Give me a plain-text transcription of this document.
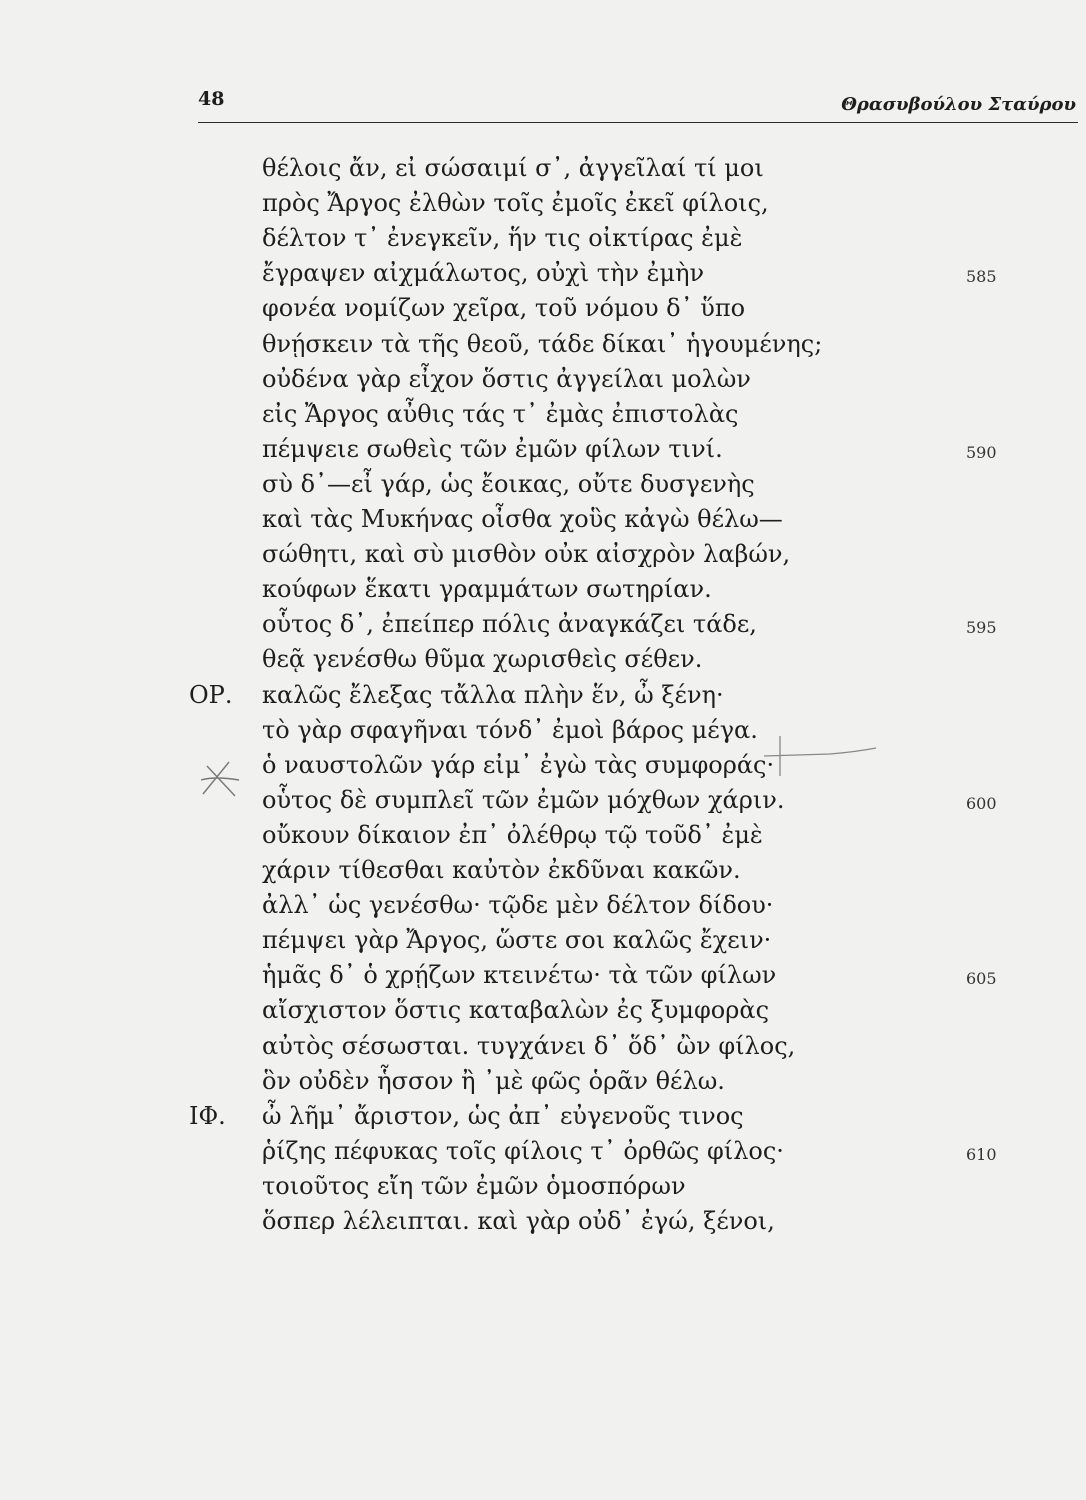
48	Θρασυβούλου Σταύρου
θέλοις ἄν, εἰ σώσαιμί σ᾽, ἀγγεῖλαί τί μοι
πρὸς Ἄργος ἐλθὼν τοῖς ἐμοῖς ἐκεῖ φίλοις,
δέλτον τ᾽ ἐνεγκεῖν, ἥν τις οἰκτίρας ἐμὲ
ἔγραψεν αἰχμάλωτος, οὐχὶ τὴν ἐμὴν	585
φονέα νομίζων χεῖρα, τοῦ νόμου δ᾽ ὕπο
θνῄσκειν τὰ τῆς θεοῦ, τάδε δίκαι᾽ ἡγουμένης;
οὐδένα γὰρ εἶχον ὅστις ἀγγείλαι μολὼν
εἰς Ἄργος αὖθις τάς τ᾽ ἐμὰς ἐπιστολὰς
πέμψειε σωθεὶς τῶν ἐμῶν φίλων τινί.	590
σὺ δ᾽—εἶ γάρ, ὡς ἔοικας, οὔτε δυσγενὴς
καὶ τὰς Μυκήνας οἶσθα χοὓς κἀγὼ θέλω—
σώθητι, καὶ σὺ μισθὸν οὐκ αἰσχρὸν λαβών,
κούφων ἕκατι γραμμάτων σωτηρίαν.
οὗτος δ᾽, ἐπείπερ πόλις ἀναγκάζει τάδε,	595
θεᾷ γενέσθω θῦμα χωρισθεὶς σέθεν.
ΟΡ. καλῶς ἔλεξας τἄλλα πλὴν ἕν, ὦ ξένη·
τὸ γὰρ σφαγῆναι τόνδ᾽ ἐμοὶ βάρος μέγα.
ὁ ναυστολῶν γάρ εἰμ᾽ ἐγὼ τὰς συμφοράς·
οὗτος δὲ συμπλεῖ τῶν ἐμῶν μόχθων χάριν.	600
οὔκουν δίκαιον ἐπ᾽ ὀλέθρῳ τῷ τοῦδ᾽ ἐμὲ
χάριν τίθεσθαι καὐτὸν ἐκδῦναι κακῶν.
ἀλλ᾽ ὡς γενέσθω· τῷδε μὲν δέλτον δίδου·
πέμψει γὰρ Ἄργος, ὥστε σοι καλῶς ἔχειν·
ἡμᾶς δ᾽ ὁ χρῄζων κτεινέτω· τὰ τῶν φίλων	605
αἴσχιστον ὅστις καταβαλὼν ἐς ξυμφορὰς
αὐτὸς σέσωσται. τυγχάνει δ᾽ ὅδ᾽ ὢν φίλος,
ὃν οὐδὲν ἧσσον ἢ ᾽μὲ φῶς ὁρᾶν θέλω.
ΙΦ. ὦ λῆμ᾽ ἄριστον, ὡς ἀπ᾽ εὐγενοῦς τινος
ῥίζης πέφυκας τοῖς φίλοις τ᾽ ὀρθῶς φίλος·	610
τοιοῦτος εἴη τῶν ἐμῶν ὁμοσπόρων
ὅσπερ λέλειπται. καὶ γὰρ οὐδ᾽ ἐγώ, ξένοι,
